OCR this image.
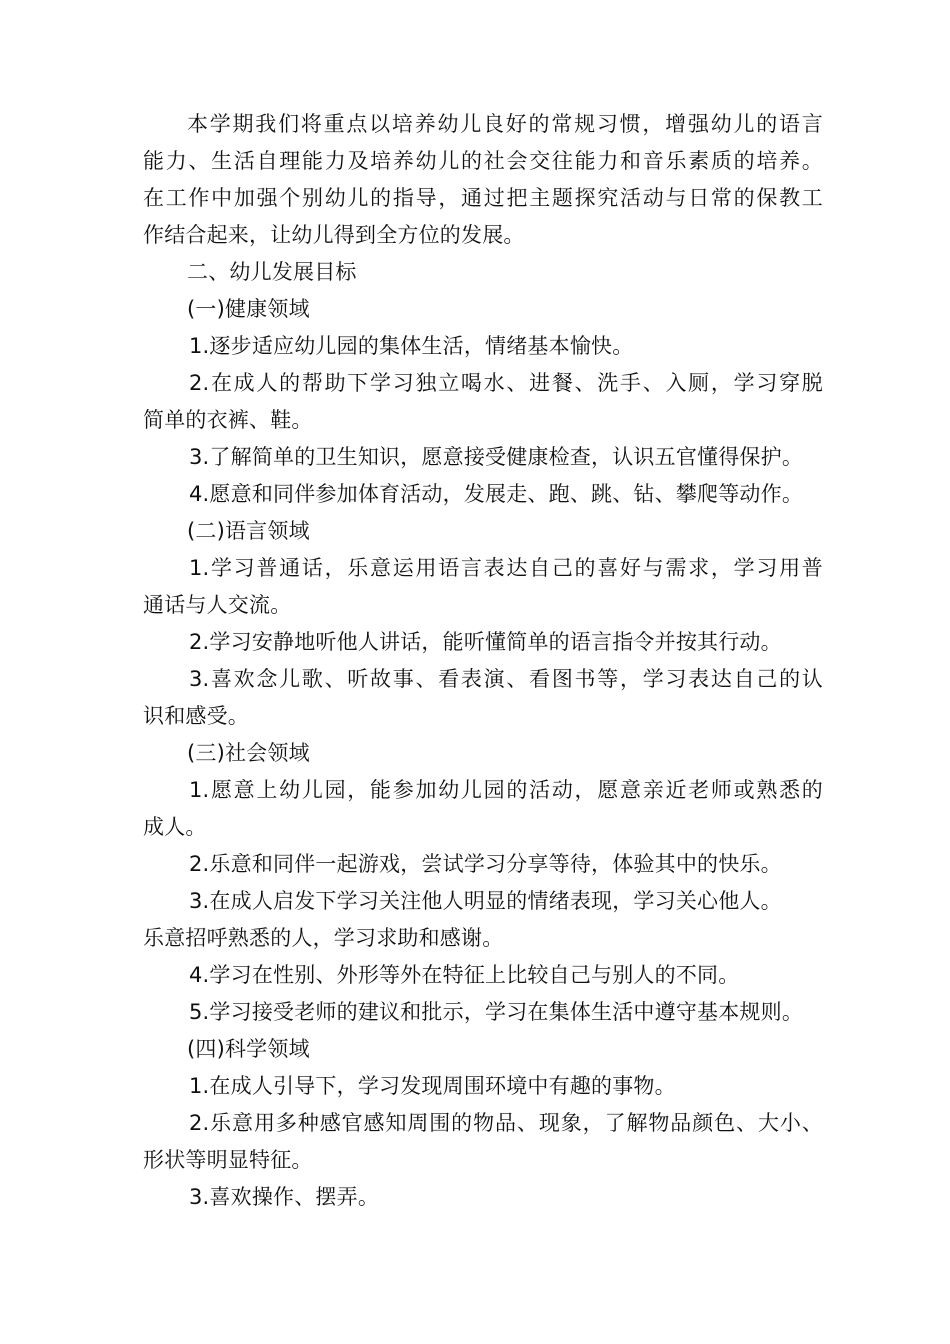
本学期我们将重点以培养幼儿良好的常规习惯，增强幼儿的语言
能力、生活自理能力及培养幼儿的社会交往能力和音乐素质的培养。
在工作中加强个别幼儿的指导，通过把主题探究活动与日常的保教工
作结合起来，让幼儿得到全方位的发展。
二、幼儿发展目标
(一)健康领域
1.逐步适应幼儿园的集体生活，情绪基本愉快。
2.在成人的帮助下学习独立喝水、进餐、洗手、入厕，学习穿脱
简单的衣裤、鞋。
3.了解简单的卫生知识，愿意接受健康检查，认识五官懂得保护。
4.愿意和同伴参加体育活动，发展走、跑、跳、钻、攀爬等动作。
(二)语言领域
1.学习普通话，乐意运用语言表达自己的喜好与需求，学习用普
通话与人交流。
2.学习安静地听他人讲话，能听懂简单的语言指令并按其行动。
3.喜欢念儿歌、听故事、看表演、看图书等，学习表达自己的认
识和感受。
(三)社会领域
1.愿意上幼儿园，能参加幼儿园的活动，愿意亲近老师或熟悉的
成人。
2.乐意和同伴一起游戏，尝试学习分享等待，体验其中的快乐。
3.在成人启发下学习关注他人明显的情绪表现，学习关心他人。
乐意招呼熟悉的人，学习求助和感谢。
4.学习在性别、外形等外在特征上比较自己与别人的不同。
5.学习接受老师的建议和批示，学习在集体生活中遵守基本规则。
(四)科学领域
1.在成人引导下，学习发现周围环境中有趣的事物。
2.乐意用多种感官感知周围的物品、现象，了解物品颜色、大小、
形状等明显特征。
3.喜欢操作、摆弄。
